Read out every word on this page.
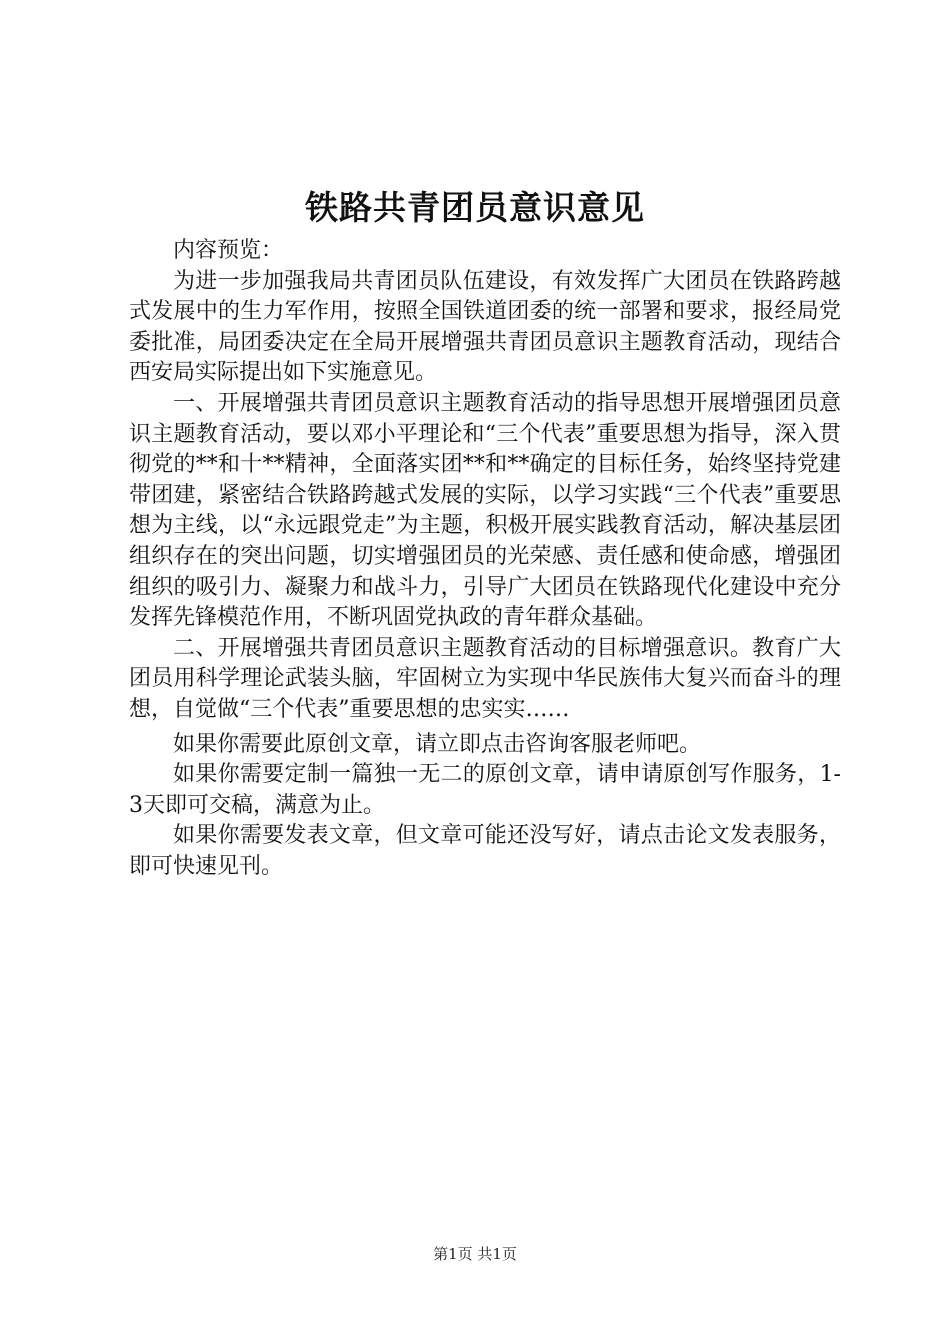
铁路共青团员意识意见

内容预览：

为进一步加强我局共青团员队伍建设，有效发挥广大团员在铁路跨越式发展中的生力军作用，按照全国铁道团委的统一部署和要求，报经局党委批准，局团委决定在全局开展增强共青团员意识主题教育活动，现结合西安局实际提出如下实施意见。

一、开展增强共青团员意识主题教育活动的指导思想开展增强团员意识主题教育活动，要以邓小平理论和“三个代表”重要思想为指导，深入贯彻党的**和十**精神，全面落实团**和**确定的目标任务，始终坚持党建带团建，紧密结合铁路跨越式发展的实际，以学习实践“三个代表”重要思想为主线，以“永远跟党走”为主题，积极开展实践教育活动，解决基层团组织存在的突出问题，切实增强团员的光荣感、责任感和使命感，增强团组织的吸引力、凝聚力和战斗力，引导广大团员在铁路现代化建设中充分发挥先锋模范作用，不断巩固党执政的青年群众基础。

二、开展增强共青团员意识主题教育活动的目标增强意识。教育广大团员用科学理论武装头脑，牢固树立为实现中华民族伟大复兴而奋斗的理想，自觉做“三个代表”重要思想的忠实实……

如果你需要此原创文章，请立即点击咨询客服老师吧。

如果你需要定制一篇独一无二的原创文章，请申请原创写作服务，1-3天即可交稿，满意为止。

如果你需要发表文章，但文章可能还没写好，请点击论文发表服务，即可快速见刊。

第1页 共1页
